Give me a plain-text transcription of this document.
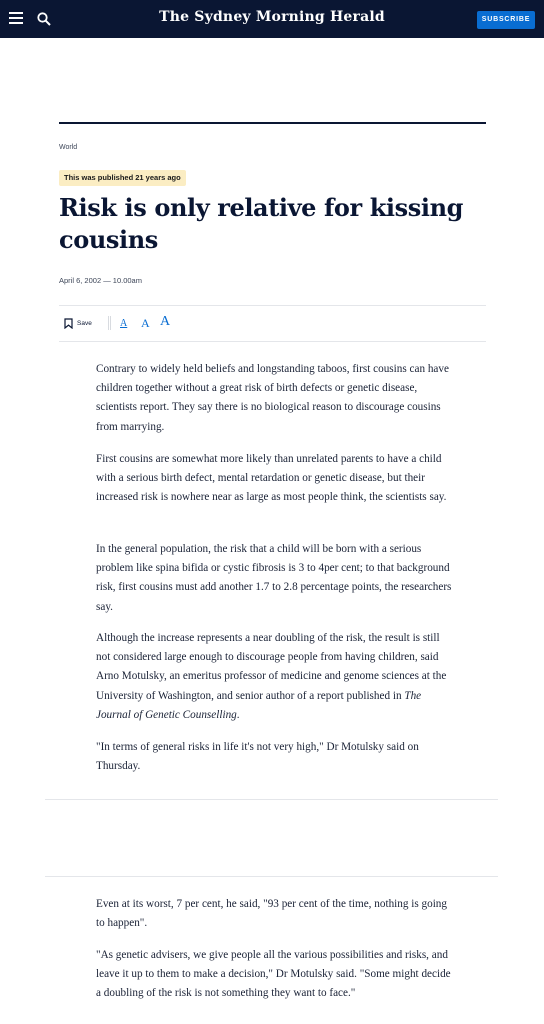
The Sydney Morning Herald	SUBSCRIBE
World
This was published 21 years ago
Risk is only relative for kissing cousins
April 6, 2002 — 10.00am
Save	A A A

Contrary to widely held beliefs and longstanding taboos, first cousins can have children together without a great risk of birth defects or genetic disease, scientists report. They say there is no biological reason to discourage cousins from marrying.

First cousins are somewhat more likely than unrelated parents to have a child with a serious birth defect, mental retardation or genetic disease, but their increased risk is nowhere near as large as most people think, the scientists say.

In the general population, the risk that a child will be born with a serious problem like spina bifida or cystic fibrosis is 3 to 4per cent; to that background risk, first cousins must add another 1.7 to 2.8 percentage points, the researchers say.

Although the increase represents a near doubling of the risk, the result is still not considered large enough to discourage people from having children, said Arno Motulsky, an emeritus professor of medicine and genome sciences at the University of Washington, and senior author of a report published in The Journal of Genetic Counselling.

"In terms of general risks in life it's not very high," Dr Motulsky said on Thursday.

Even at its worst, 7 per cent, he said, "93 per cent of the time, nothing is going to happen".

"As genetic advisers, we give people all the various possibilities and risks, and leave it up to them to make a decision," Dr Motulsky said. "Some might decide a doubling of the risk is not something they want to face."
